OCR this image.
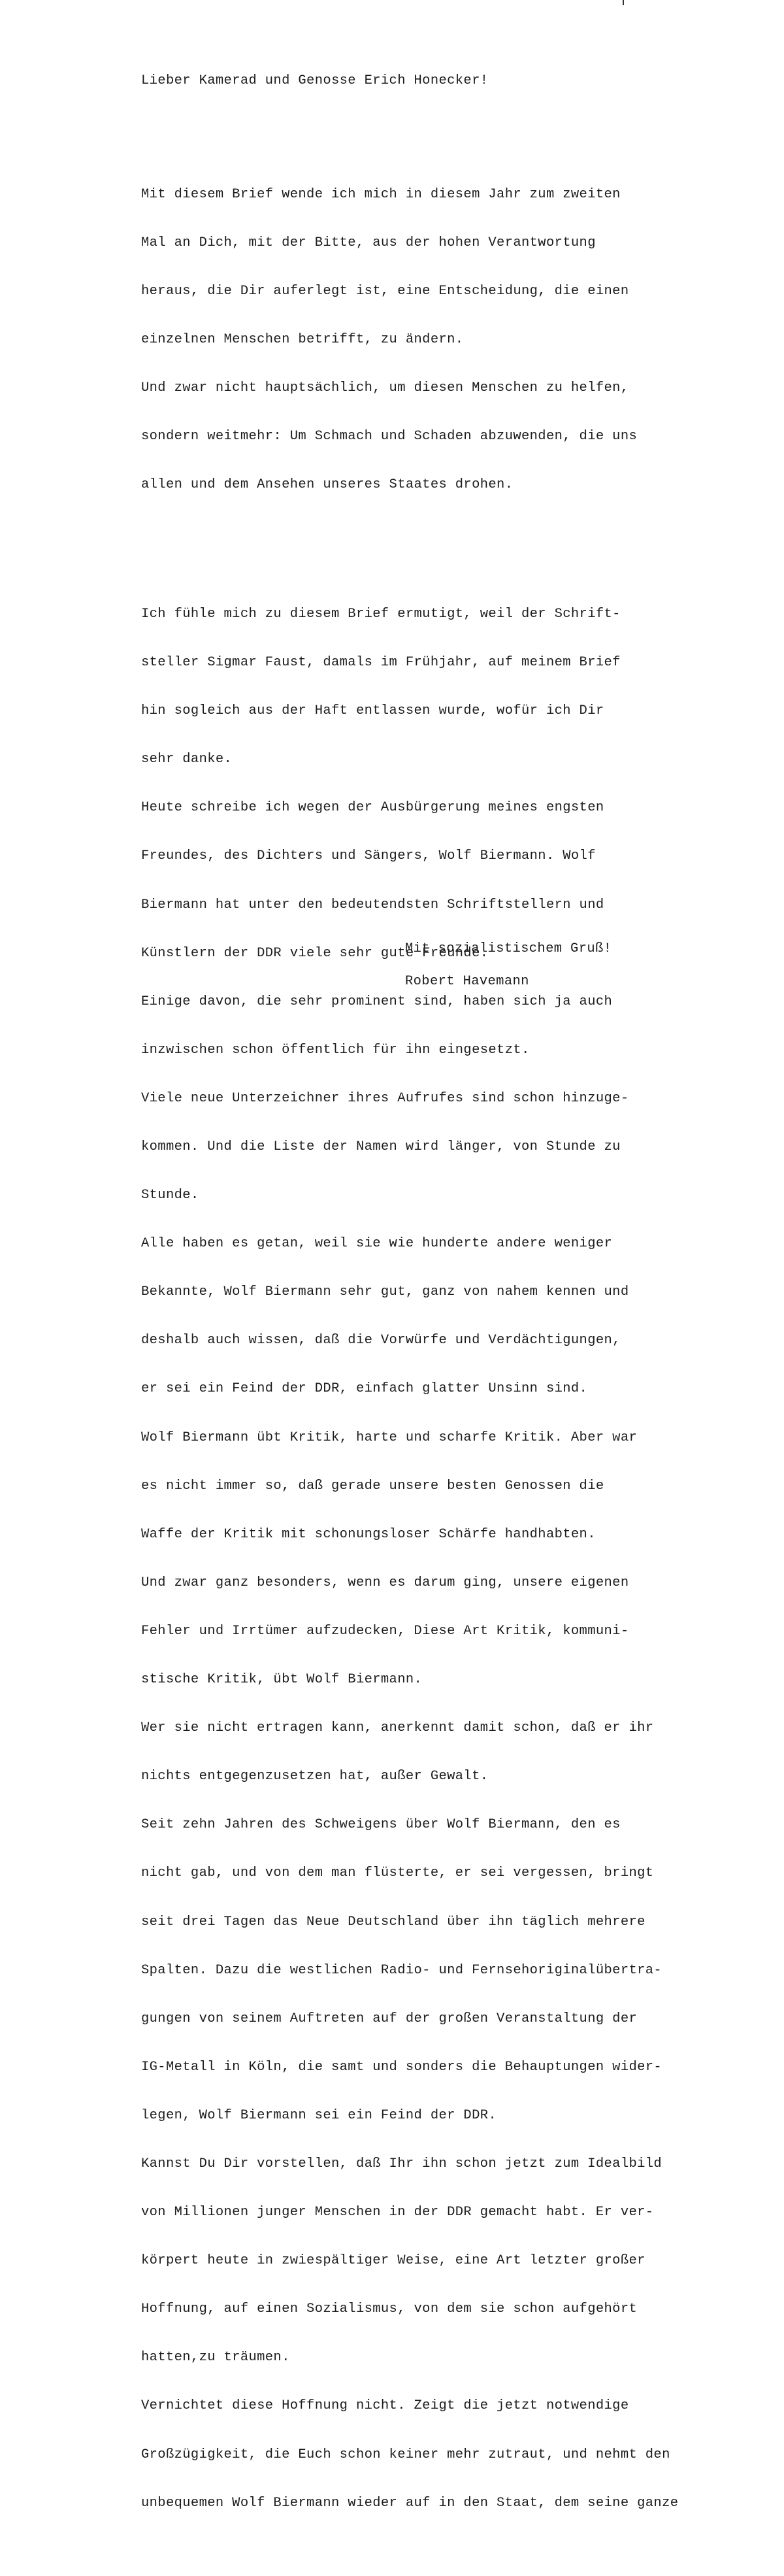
Lieber Kamerad und Genosse Erich Honecker!

Mit diesem Brief wende ich mich in diesem Jahr zum zweiten

Mal an Dich, mit der Bitte, aus der hohen Verantwortung

heraus, die Dir auferlegt ist, eine Entscheidung, die einen

einzelnen Menschen betrifft, zu ändern.

Und zwar nicht hauptsächlich, um diesen Menschen zu helfen,

sondern weitmehr: Um Schmach und Schaden abzuwenden, die uns

allen und dem Ansehen unseres Staates drohen.

Ich fühle mich zu diesem Brief ermutigt, weil der Schrift-

steller Sigmar Faust, damals im Frühjahr, auf meinem Brief

hin sogleich aus der Haft entlassen wurde, wofür ich Dir

sehr danke.

Heute schreibe ich wegen der Ausbürgerung meines engsten

Freundes, des Dichters und Sängers, Wolf Biermann. Wolf

Biermann hat unter den bedeutendsten Schriftstellern und

Künstlern der DDR viele sehr gute Freunde.

Einige davon, die sehr prominent sind, haben sich ja auch

inzwischen schon öffentlich für ihn eingesetzt.

Viele neue Unterzeichner ihres Aufrufes sind schon hinzuge-

kommen. Und die Liste der Namen wird länger, von Stunde zu

Stunde.

Alle haben es getan, weil sie wie hunderte andere weniger

Bekannte, Wolf Biermann sehr gut, ganz von nahem kennen und

deshalb auch wissen, daß die Vorwürfe und Verdächtigungen,

er sei ein Feind der DDR, einfach glatter Unsinn sind.

Wolf Biermann übt Kritik, harte und scharfe Kritik. Aber war

es nicht immer so, daß gerade unsere besten Genossen die

Waffe der Kritik mit schonungsloser Schärfe handhabten.

Und zwar ganz besonders, wenn es darum ging, unsere eigenen

Fehler und Irrtümer aufzudecken, Diese Art Kritik, kommuni-

stische Kritik, übt Wolf Biermann.

Wer sie nicht ertragen kann, anerkennt damit schon, daß er ihr

nichts entgegenzusetzen hat, außer Gewalt.

Seit zehn Jahren des Schweigens über Wolf Biermann, den es

nicht gab, und von dem man flüsterte, er sei vergessen, bringt

seit drei Tagen das Neue Deutschland über ihn täglich mehrere

Spalten. Dazu die westlichen Radio- und Fernsehoriginalübertra-

gungen von seinem Auftreten auf der großen Veranstaltung der

IG-Metall in Köln, die samt und sonders die Behauptungen wider-

legen, Wolf Biermann sei ein Feind der DDR.

Kannst Du Dir vorstellen, daß Ihr ihn schon jetzt zum Idealbild

von Millionen junger Menschen in der DDR gemacht habt. Er ver-

körpert heute in zwiespältiger Weise, eine Art letzter großer

Hoffnung, auf einen Sozialismus, von dem sie schon aufgehört

hatten,zu träumen.

Vernichtet diese Hoffnung nicht. Zeigt die jetzt notwendige

Großzügigkeit, die Euch schon keiner mehr zutraut, und nehmt den

unbequemen Wolf Biermann wieder auf in den Staat, dem seine ganze

Mit sozialistischem Gruß!
Robert Havemann
